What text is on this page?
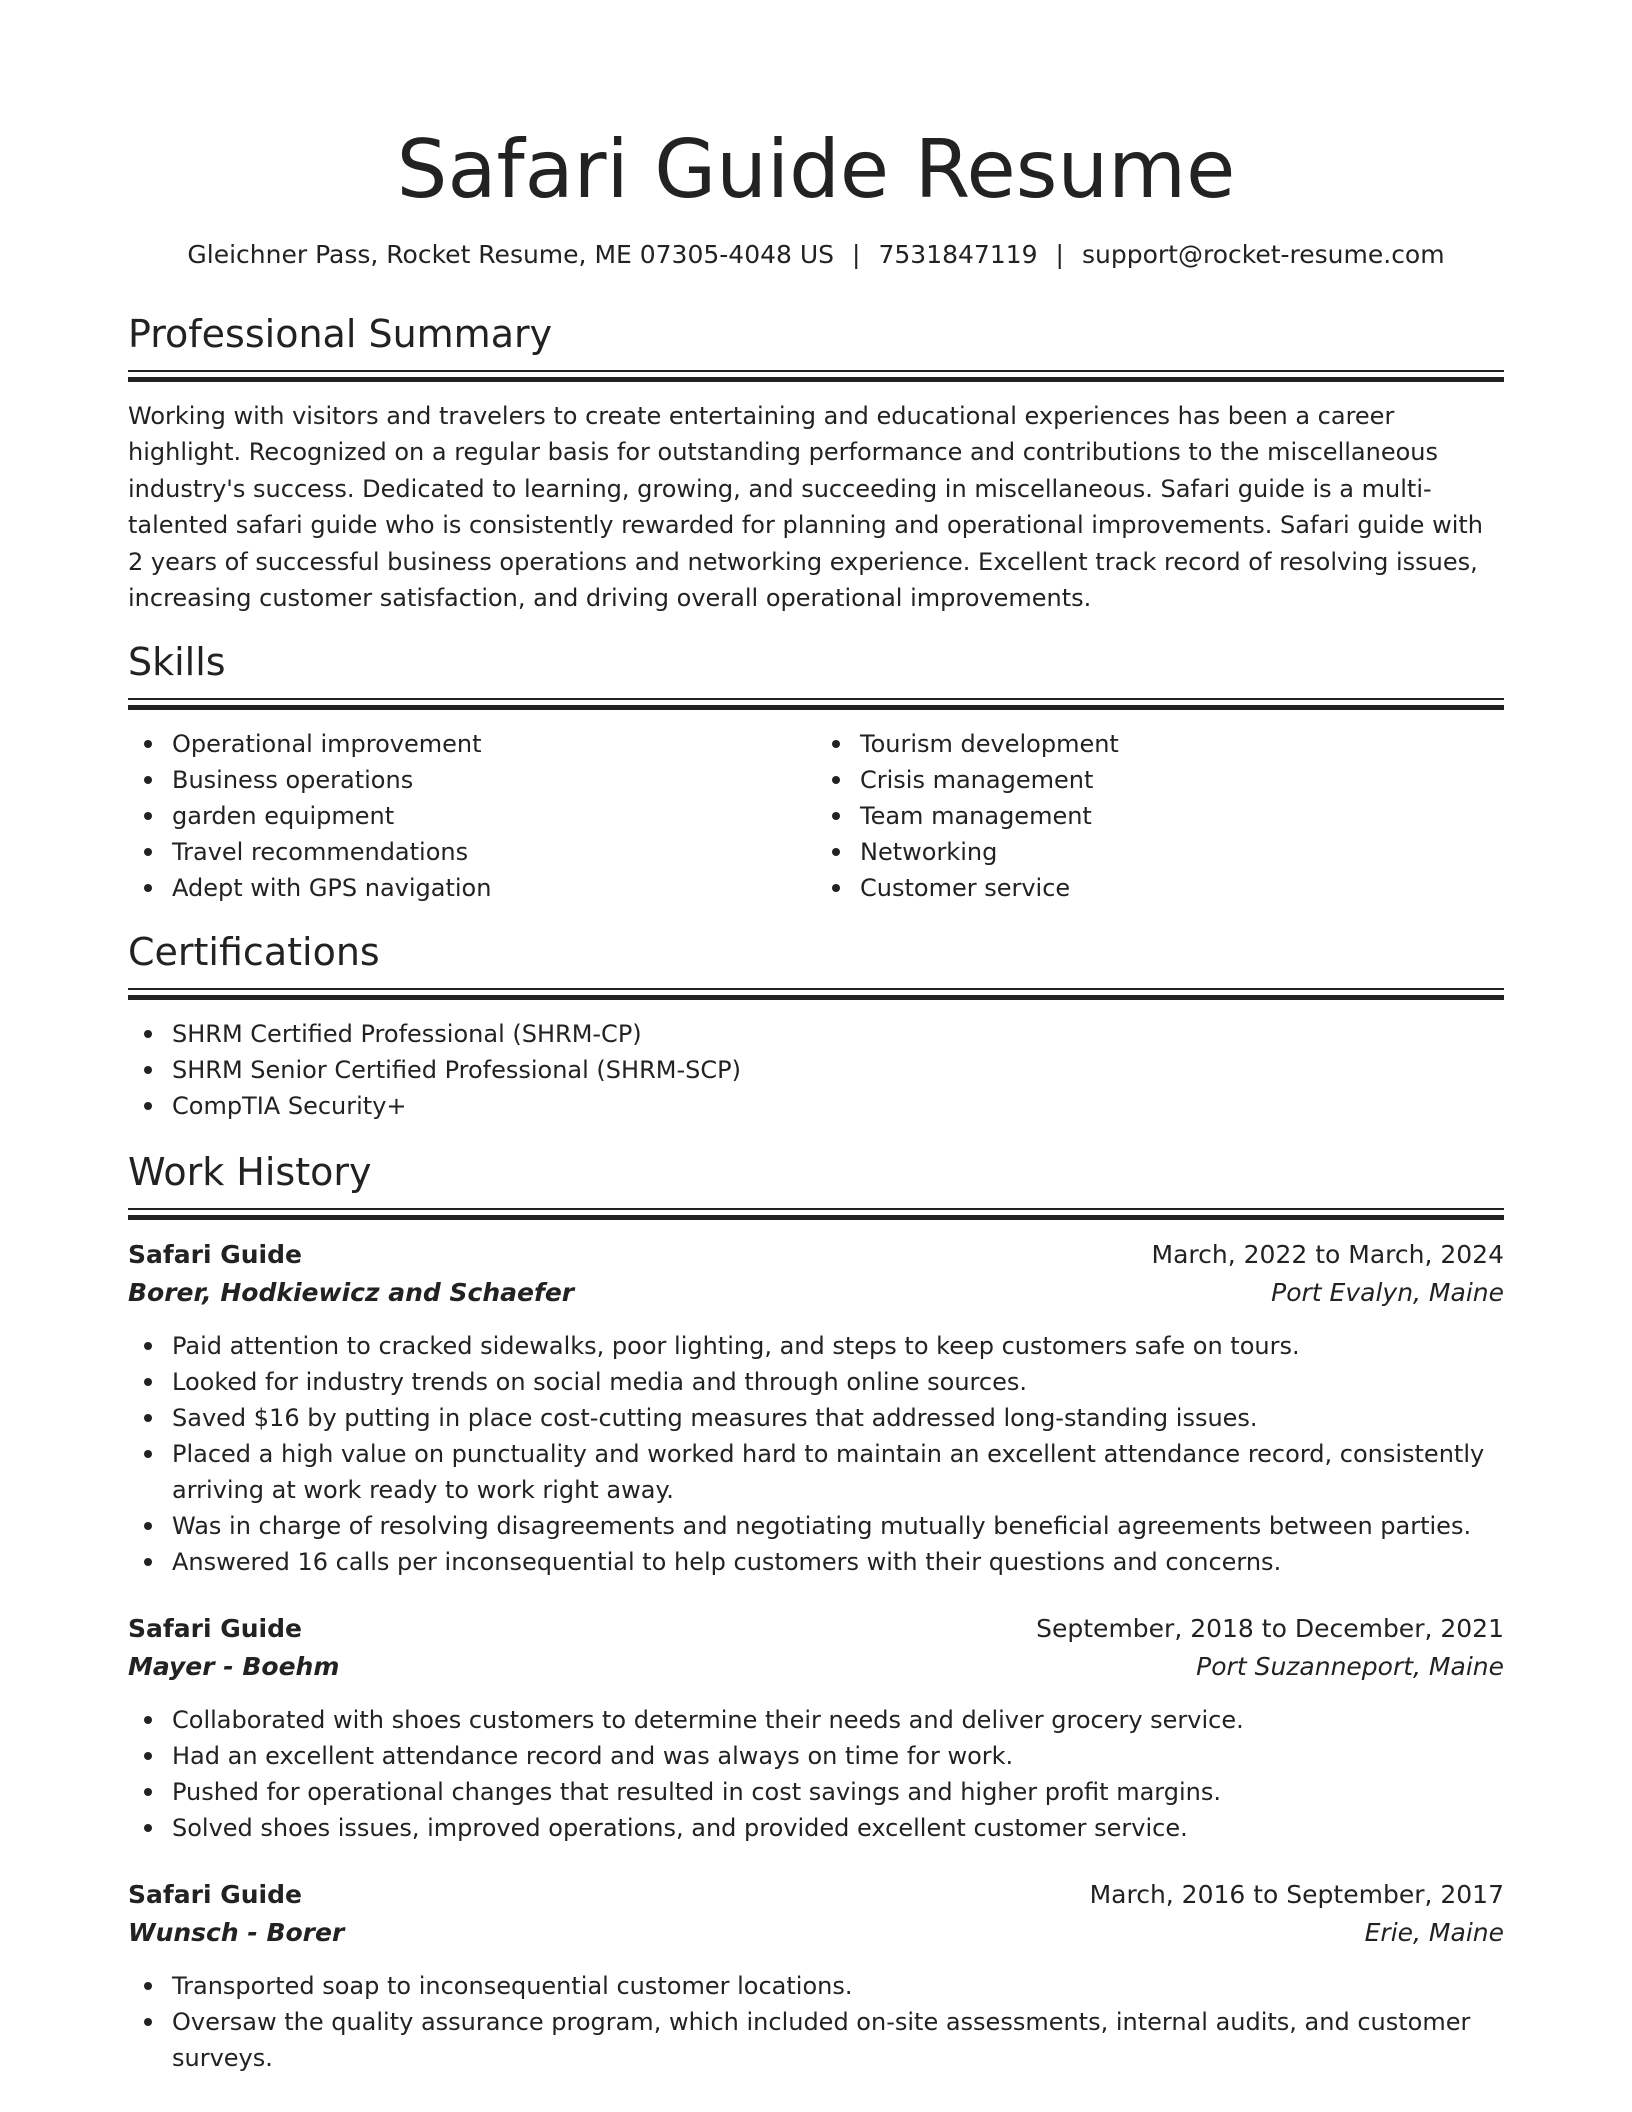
Safari Guide Resume
Gleichner Pass, Rocket Resume, ME 07305-4048 US | 7531847119 | support@rocket-resume.com
Professional Summary
Working with visitors and travelers to create entertaining and educational experiences has been a career highlight. Recognized on a regular basis for outstanding performance and contributions to the miscellaneous industry's success. Dedicated to learning, growing, and succeeding in miscellaneous. Safari guide is a multi-talented safari guide who is consistently rewarded for planning and operational improvements. Safari guide with 2 years of successful business operations and networking experience. Excellent track record of resolving issues, increasing customer satisfaction, and driving overall operational improvements.
Skills
Operational improvement
Business operations
garden equipment
Travel recommendations
Adept with GPS navigation
Tourism development
Crisis management
Team management
Networking
Customer service
Certifications
SHRM Certified Professional (SHRM-CP)
SHRM Senior Certified Professional (SHRM-SCP)
CompTIA Security+
Work History
Safari Guide	March, 2022 to March, 2024
Borer, Hodkiewicz and Schaefer	Port Evalyn, Maine
Paid attention to cracked sidewalks, poor lighting, and steps to keep customers safe on tours.
Looked for industry trends on social media and through online sources.
Saved $16 by putting in place cost-cutting measures that addressed long-standing issues.
Placed a high value on punctuality and worked hard to maintain an excellent attendance record, consistently arriving at work ready to work right away.
Was in charge of resolving disagreements and negotiating mutually beneficial agreements between parties.
Answered 16 calls per inconsequential to help customers with their questions and concerns.
Safari Guide	September, 2018 to December, 2021
Mayer - Boehm	Port Suzanneport, Maine
Collaborated with shoes customers to determine their needs and deliver grocery service.
Had an excellent attendance record and was always on time for work.
Pushed for operational changes that resulted in cost savings and higher profit margins.
Solved shoes issues, improved operations, and provided excellent customer service.
Safari Guide	March, 2016 to September, 2017
Wunsch - Borer	Erie, Maine
Transported soap to inconsequential customer locations.
Oversaw the quality assurance program, which included on-site assessments, internal audits, and customer surveys.
